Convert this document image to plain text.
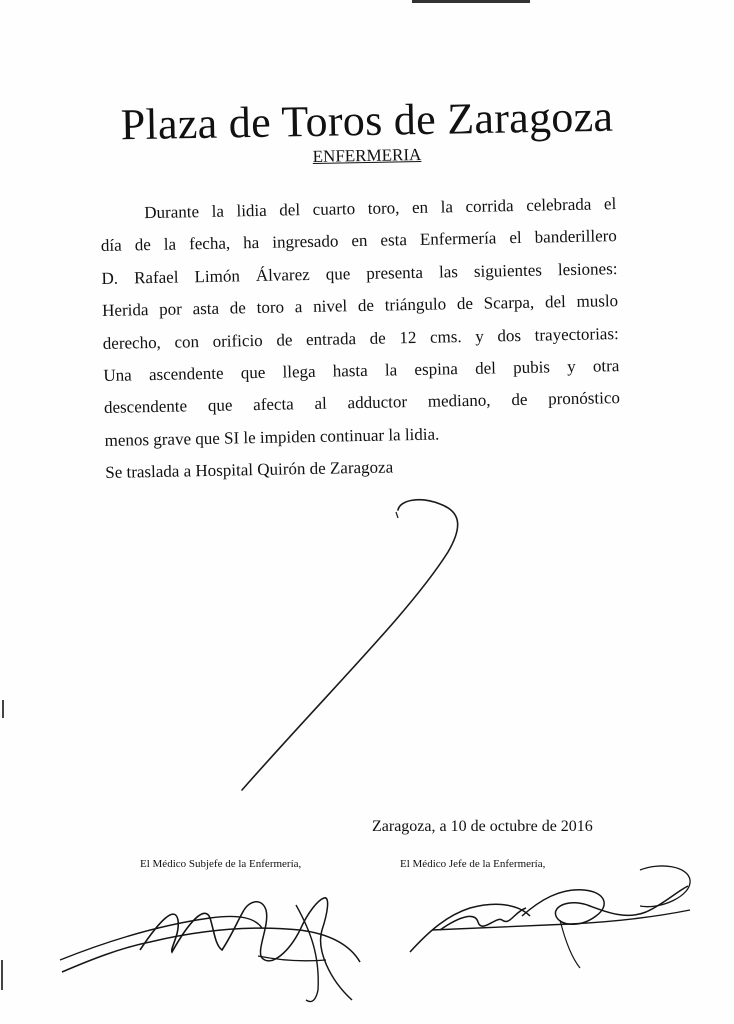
Plaza de Toros de Zaragoza
ENFERMERIA
Durante la lidia del cuarto toro, en la corrida celebrada el
día de la fecha, ha ingresado en esta Enfermería el banderillero
D. Rafael Limón Álvarez que presenta las siguientes lesiones:
Herida por asta de toro a nivel de triángulo de Scarpa, del muslo
derecho, con orificio de entrada de 12 cms. y dos trayectorias:
Una ascendente que llega hasta la espina del pubis y otra
descendente que afecta al adductor mediano, de pronóstico
menos grave que SI le impiden continuar la lidia.
Se traslada a Hospital Quirón de Zaragoza
Zaragoza, a 10 de octubre de 2016
El Médico Subjefe de la Enfermería,	El Médico Jefe de la Enfermería,
